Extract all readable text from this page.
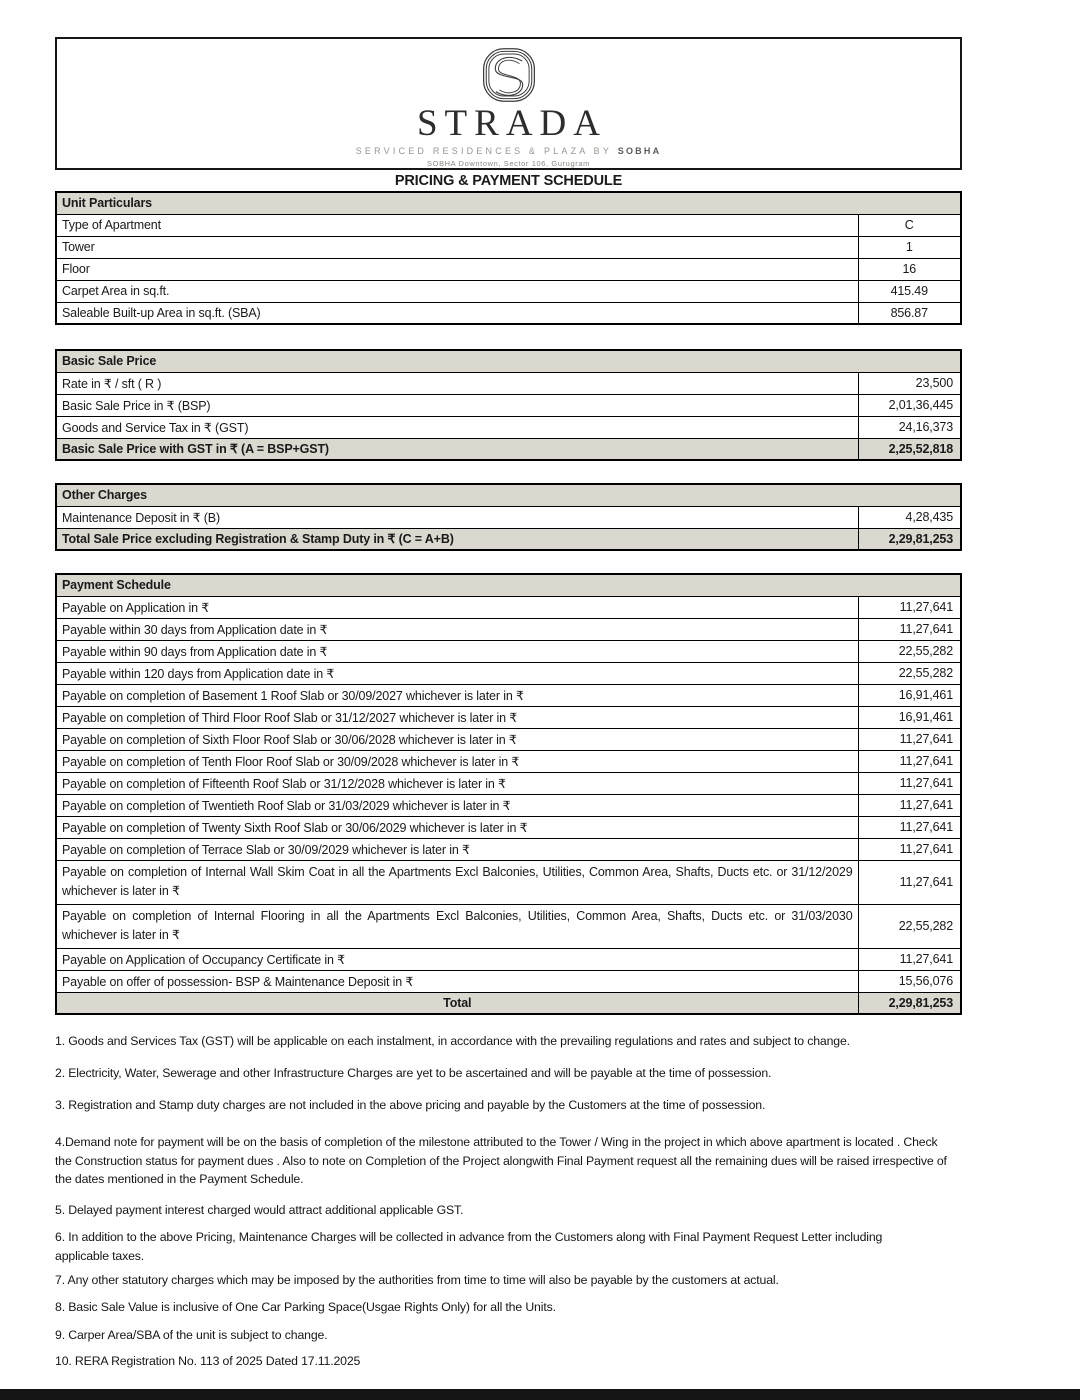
STRADA
SERVICED RESIDENCES & PLAZA BY SOBHA
SOBHA Downtown, Sector 106, Gurugram
PRICING & PAYMENT SCHEDULE
Unit Particulars	
Type of Apartment	C
Tower	1
Floor	16
Carpet Area in sq.ft.	415.49
Saleable Built-up Area in sq.ft. (SBA)	856.87
Basic Sale Price	
Rate in ₹ / sft ( R )	23,500
Basic Sale Price in ₹ (BSP)	2,01,36,445
Goods and Service Tax in ₹ (GST)	24,16,373
Basic Sale Price with GST in ₹ (A = BSP+GST)	2,25,52,818
Other Charges	
Maintenance Deposit in ₹ (B)	4,28,435
Total Sale Price excluding Registration & Stamp Duty in ₹ (C = A+B)	2,29,81,253
Payment Schedule	
Payable on Application in ₹	11,27,641
Payable within 30 days from Application date in ₹	11,27,641
Payable within 90 days from Application date in ₹	22,55,282
Payable within 120 days from Application date in ₹	22,55,282
Payable on completion of Basement 1 Roof Slab or 30/09/2027 whichever is later in ₹	16,91,461
Payable on completion of Third Floor Roof Slab or 31/12/2027 whichever is later in ₹	16,91,461
Payable on completion of Sixth Floor Roof Slab or 30/06/2028 whichever is later in ₹	11,27,641
Payable on completion of Tenth Floor Roof Slab or 30/09/2028 whichever is later in ₹	11,27,641
Payable on completion of Fifteenth Roof Slab or 31/12/2028 whichever is later in ₹	11,27,641
Payable on completion of Twentieth Roof Slab or 31/03/2029 whichever is later in ₹	11,27,641
Payable on completion of Twenty Sixth Roof Slab or 30/06/2029 whichever is later in ₹	11,27,641
Payable on completion of Terrace Slab or 30/09/2029 whichever is later in ₹	11,27,641
Payable on completion of Internal Wall Skim Coat in all the Apartments Excl Balconies, Utilities, Common Area, Shafts, Ducts etc. or 31/12/2029 whichever is later in ₹	11,27,641
Payable on completion of Internal Flooring in all the Apartments Excl Balconies, Utilities, Common Area, Shafts, Ducts etc. or 31/03/2030 whichever is later in ₹	22,55,282
Payable on Application of Occupancy Certificate in ₹	11,27,641
Payable on offer of possession- BSP & Maintenance Deposit in ₹	15,56,076
Total	2,29,81,253
1. Goods and Services Tax (GST) will be applicable on each instalment, in accordance with the prevailing regulations and rates and subject to change.
2. Electricity, Water, Sewerage and other Infrastructure Charges are yet to be ascertained and will be payable at the time of possession.
3. Registration and Stamp duty charges are not included in the above pricing and payable by the Customers at the time of possession.
4.Demand note for payment will be on the basis of completion of the milestone attributed to the Tower / Wing in the project in which above apartment is located . Check the Construction status for payment dues . Also to note on Completion of the Project alongwith Final Payment request all the remaining dues will be raised irrespective of the dates mentioned in the Payment Schedule.
5. Delayed payment interest charged would attract additional applicable GST.
6. In addition to the above Pricing, Maintenance Charges will be collected in advance from the Customers along with Final Payment Request Letter including applicable taxes.
7. Any other statutory charges which may be imposed by the authorities from time to time will also be payable by the customers at actual.
8. Basic Sale Value is inclusive of One Car Parking Space(Usgae Rights Only) for all the Units.
9. Carper Area/SBA of the unit is subject to change.
10. RERA Registration No. 113 of 2025 Dated 17.11.2025
